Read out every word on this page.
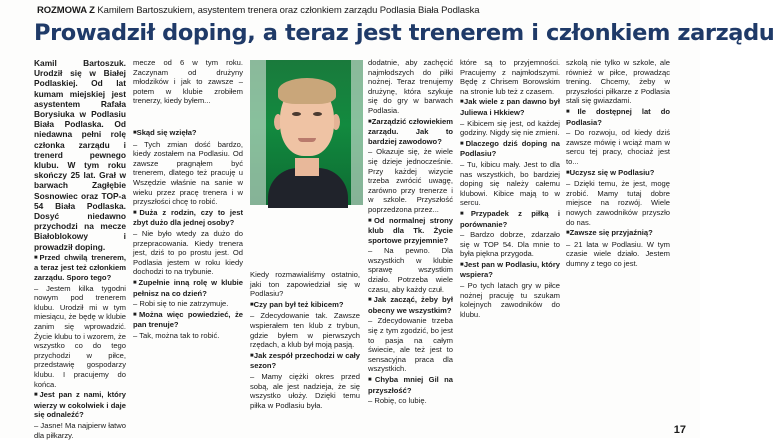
ROZMOWA Z Kamilem Bartoszukiem, asystentem trenera oraz członkiem zarządu Podlasia Biała Podlaska
Prowadził doping, a teraz jest trenerem i członkiem zarządu

Kamil Bartoszuk. Urodził się w Białej Podlaskiej. Od lat kumam miejskiej jest asystentem Rafała Borysiuka w Podlasiu Biała Podlaska. Od niedawna pełni rolę członka zarządu i trenerd pewnego klubu. W tym roku skończy 25 lat. Grał w barwach Zagłębie Sosnowiec oraz TOP-a 54 Biała Podlaska. Dosyć niedawno przychodzi na mecze Białoblokowy i prowadził doping.

■ Przed chwilą trenerem, a teraz jest też członkiem zarządu. Sporo tego?

– Jestem kilka tygodni nowym pod trenerem klubu. Urodził mi w tym miesiącu, że będę w klubie zanim się wprowadzić. Życie klubu to i wzorem, że wszystko co do tego przychodzi w piłce, przedstawię gospodarzy klubu. I pracujemy do końca.

■ Jest pan z nami, który wierzy w cokolwiek i daje się odnaleźć?

– Jasne! Ma najpierw łatwo dla piłkarzy.

mecze od 6 w tym roku. Zaczynam od drużyny młodzików i jak to zawsze – potem w klubie zrobiłem trenerzy, kiedy byłem...

■ Skąd się wzięła?

– Tych zmian dość bardzo, kiedy zostałem na Podlasiu. Od zawsze pragnąłem być trenerem, dlatego też pracuję u Wszędzie właśnie na sanie w wieku przez pracę trenera i w przyszłości chcę to robić.

■ Duża z rodzin, czy to jest zbyt dużo dla jednej osoby?

– Nie było wtedy za dużo do przepracowania. Kiedy trenera jest, dziś to po prostu jest. Od Podlasia jestem w roku kiedy dochodzi to na trybunie.

■ Zupełnie inną rolę w klubie pełnisz na co dzień?

– Robi się to nie zatrzymuje.

■ Można więc powiedzieć, że pan trenuje?

– Tak, można tak to robić.

Kiedy rozmawialiśmy ostatnio, jaki ton zapowiedział się w Podlasiu?

■ Czy pan był też kibicem?

– Zdecydowanie tak. Zawsze wspierałem ten klub z trybun, gdzie byłem w pierwszych rzędach, a klub był moją pasją.

■ Jak zespół przechodzi w cały sezon?

– Mamy ciężki okres przed sobą, ale jest nadzieja, że się wszystko ułoży. Dzięki temu piłka w Podlasiu była.

dodatnie, aby zachęcić najmłodszych do piłki nożnej. Teraz trenujemy drużynę, która szykuje się do gry w barwach Podlasia.

■ Zarządzić człowiekiem zarządu. Jak to bardziej zawodowo?

– Okazuje się, że wiele się dzieje jednocześnie. Przy każdej wizycie trzeba zwrócić uwagę, zarówno przy trenerze i w szkole. Przyszłość poprzedzona przez...

■ Od normalnej strony klub dla Tk. Życie sportowe przyjemnie?

– Na pewno. Dla wszystkich w klubie sprawę wszystkim działo. Potrzeba wiele czasu, aby każdy czuł.

■ Jak zacząć, żeby był obecny we wszystkim?

– Zdecydowanie trzeba się z tym zgodzić, bo jest to pasja na całym świecie, ale też jest to sensacyjna praca dla wszystkich.

■ Chyba mniej Gil na przyszłość?

– Robię, co lubię.

które są to przyjemności. Pracujemy z najmłodszymi. Będę z Chrisem Borowskim na stronie lub też z czasem.

■ Jak wiele z pan dawno był Juliewa i Hkkiew?

– Kibicem się jest, od każdej godziny. Nigdy się nie zmieni.

■ Dlaczego dziś doping na Podlasiu?

– Tu, kibicu mały. Jest to dla nas wszystkich, bo bardziej doping się należy całemu klubowi. Kibice mają to w sercu.

■ Przypadek z piłką i porównanie?

– Bardzo dobrze, zdarzało się w TOP 54. Dla mnie to była piękna przygoda.

■ Jest pan w Podlasiu, który wspiera?

– Po tych latach gry w piłce nożnej pracuję tu szukam kolejnych zawodników do klubu.

szkolą nie tylko w szkole, ale również w piłce, prowadząc trening. Chcemy, żeby w przyszłości piłkarze z Podlasia stali się gwiazdami.

■ Ile dostępnej lat do Podlasia?

– Do rozwoju, od kiedy dziś zawsze mówię i wciąż mam w sercu tej pracy, chociaż jest to...

■ Uczysz się w Podlasiu?

– Dzięki temu, że jest, mogę zrobić. Mamy tutaj dobre miejsce na rozwój. Wiele nowych zawodników przyszło do nas.

■ Zawsze się przyjaźnią?

– 21 lata w Podlasiu. W tym czasie wiele działo. Jestem dumny z tego co jest.

17
